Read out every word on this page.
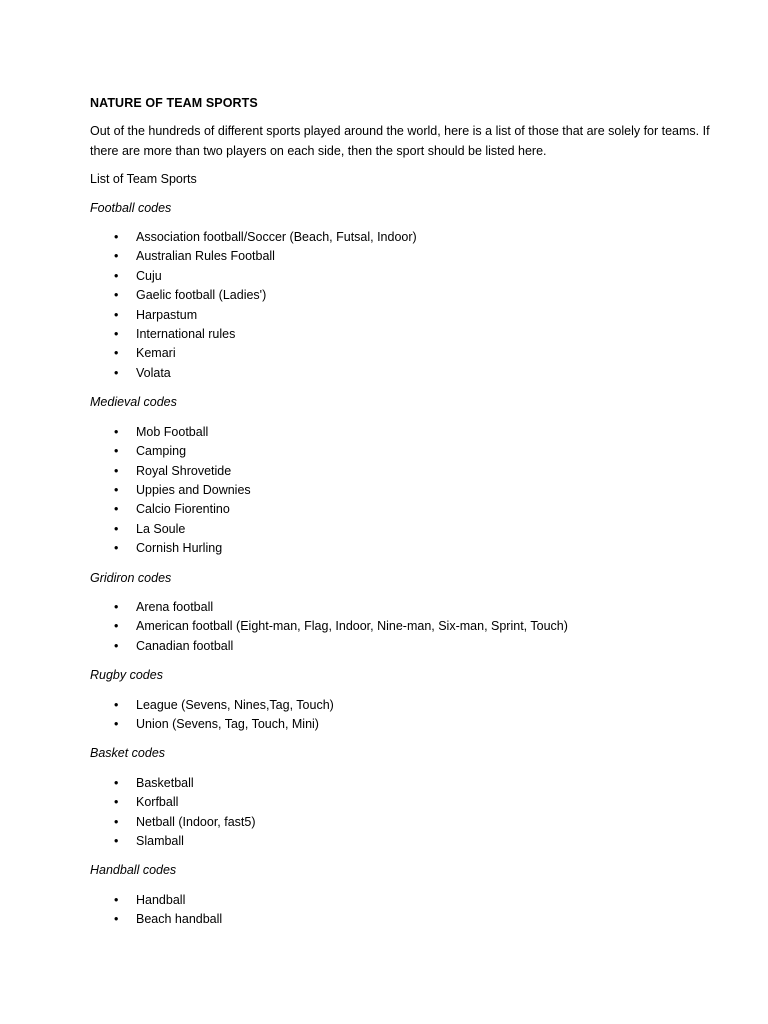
NATURE OF TEAM SPORTS

Out of the hundreds of different sports played around the world, here is a list of those that are solely for teams. If there are more than two players on each side, then the sport should be listed here.

List of Team Sports

Football codes

• Association football/Soccer (Beach, Futsal, Indoor)
• Australian Rules Football
• Cuju
• Gaelic football (Ladies')
• Harpastum
• International rules
• Kemari
• Volata

Medieval codes

• Mob Football
• Camping
• Royal Shrovetide
• Uppies and Downies
• Calcio Fiorentino
• La Soule
• Cornish Hurling

Gridiron codes

• Arena football
• American football (Eight-man, Flag, Indoor, Nine-man, Six-man, Sprint, Touch)
• Canadian football

Rugby codes

• League (Sevens, Nines,Tag, Touch)
• Union (Sevens, Tag, Touch, Mini)

Basket codes

• Basketball
• Korfball
• Netball (Indoor, fast5)
• Slamball

Handball codes

• Handball
• Beach handball
